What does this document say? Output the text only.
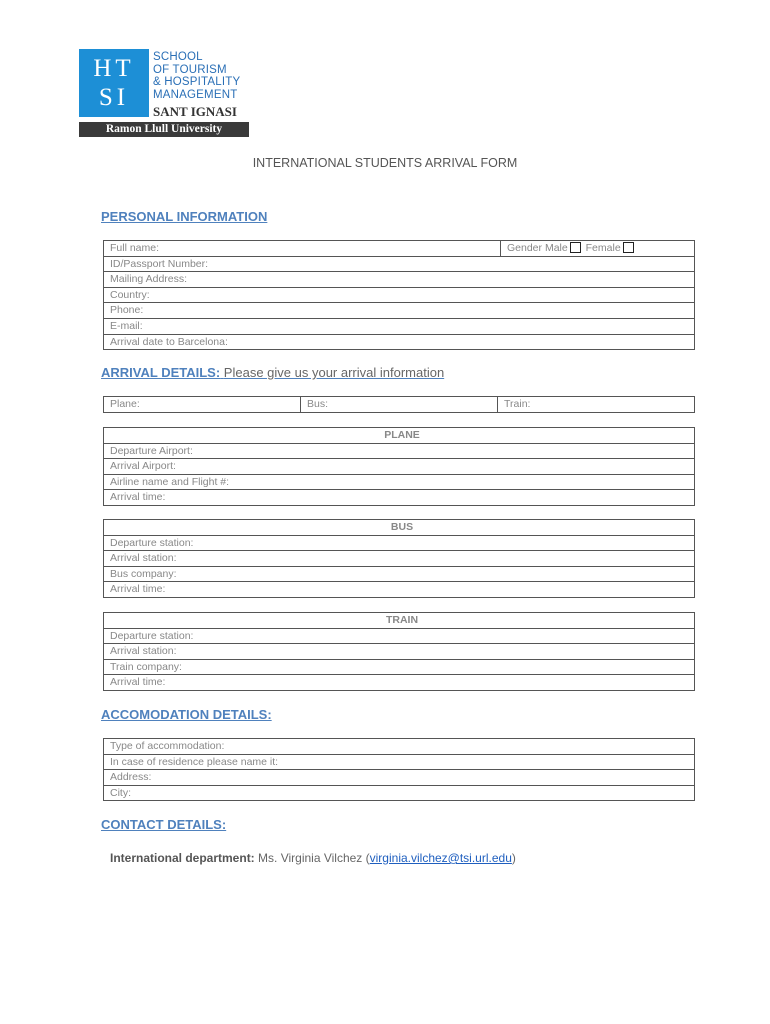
HT
SI
SCHOOL
OF TOURISM
& HOSPITALITY
MANAGEMENT
SANT IGNASI
Ramon Llull University
INTERNATIONAL STUDENTS ARRIVAL FORM
PERSONAL INFORMATION
Full name:	Gender Male Female
ID/Passport Number:
Mailing Address:
Country:
Phone:
E-mail:
Arrival date to Barcelona:
ARRIVAL DETAILS: Please give us your arrival information
Plane:	Bus:	Train:
PLANE
Departure Airport:
Arrival Airport:
Airline name and Flight #:
Arrival time:
BUS
Departure station:
Arrival station:
Bus company:
Arrival time:
TRAIN
Departure station:
Arrival station:
Train company:
Arrival time:
ACCOMODATION DETAILS:
Type of accommodation:
In case of residence please name it:
Address:
City:
CONTACT DETAILS:
International department: Ms. Virginia Vilchez (virginia.vilchez@tsi.url.edu)
